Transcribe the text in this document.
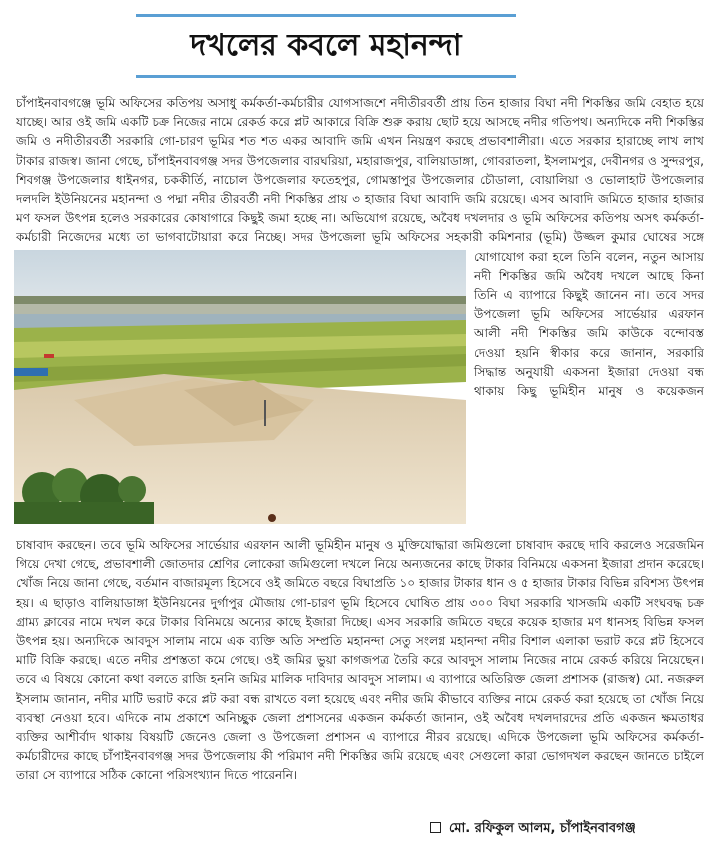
দখলের কবলে মহানন্দা
চাঁপাইনবাবগঞ্জে ভূমি অফিসের কতিপয় অসাধু কর্মকর্তা-কর্মচারীর যোগসাজশে নদীতীরবর্তী প্রায় তিন হাজার বিঘা নদী শিকস্তির জমি বেহাত হয়ে যাচ্ছে। আর ওই জমি একটি চক্র নিজের নামে রেকর্ড করে প্লট আকারে বিক্রি শুরু করায় ছোট হয়ে আসছে নদীর গতিপথ। অন্যদিকে নদী শিকস্তির জমি ও নদীতীরবর্তী সরকারি গো-চারণ ভূমির শত শত একর আবাদি জমি এখন নিয়ন্ত্রণ করছে প্রভাবশালীরা। এতে সরকার হারাচ্ছে লাখ লাখ টাকার রাজস্ব। জানা গেছে, চাঁপাইনবাবগঞ্জ সদর উপজেলার বারঘরিয়া, মহারাজপুর, বালিয়াডাঙ্গা, গোবরাতলা, ইসলামপুর, দেবীনগর ও সুন্দরপুর, শিবগঞ্জ উপজেলার ধাইনগর, চককীর্তি, নাচোল উপজেলার ফতেহপুর, গোমস্তাপুর উপজেলার চৌডালা, বোয়ালিয়া ও ভোলাহাট উপজেলার দলদলি ইউনিয়নের মহানন্দা ও পদ্মা নদীর তীরবর্তী নদী শিকস্তির প্রায় ৩ হাজার বিঘা আবাদি জমি রয়েছে। এসব আবাদি জমিতে হাজার হাজার মণ ফসল উৎপন্ন হলেও সরকারের কোষাগারে কিছুই জমা হচ্ছে না। অভিযোগ রয়েছে, অবৈধ দখলদার ও ভূমি অফিসের কতিপয় অসৎ কর্মকর্তা-কর্মচারী নিজেদের মধ্যে তা ভাগবাটোয়ারা করে নিচ্ছে। সদর উপজেলা ভূমি অফিসের সহকারী কমিশনার (ভূমি) উজ্জল কুমার ঘোষের সঙ্গে যোগাযোগ করা হলে তিনি বলেন, নতুন আসায় নদী শিকস্তির জমি অবৈধ দখলে আছে কিনা তিনি এ ব্যাপারে কিছুই জানেন না। তবে সদর উপজেলা ভূমি অফিসের সার্ভেয়ার এরফান আলী নদী শিকস্তির জমি কাউকে বন্দোবস্ত দেওয়া হয়নি স্বীকার করে জানান, সরকারি সিদ্ধান্ত অনুযায়ী একসনা ইজারা দেওয়া বন্ধ থাকায় কিছু ভূমিহীন মানুষ ও কয়েকজন
চাষাবাদ করছেন। তবে ভূমি অফিসের সার্ভেয়ার এরফান আলী ভূমিহীন মানুষ ও মুক্তিযোদ্ধারা জমিগুলো চাষাবাদ করছে দাবি করলেও সরেজমিন গিয়ে দেখা গেছে, প্রভাবশালী জোতদার শ্রেণির লোকেরা জমিগুলো দখলে নিয়ে অন্যজনের কাছে টাকার বিনিময়ে একসনা ইজারা প্রদান করেছে। খোঁজ নিয়ে জানা গেছে, বর্তমান বাজারমূল্য হিসেবে ওই জমিতে বছরে বিঘাপ্রতি ১০ হাজার টাকার ধান ও ৫ হাজার টাকার বিভিন্ন রবিশস্য উৎপন্ন হয়। এ ছাড়াও বালিয়াডাঙ্গা ইউনিয়নের দুর্গাপুর মৌজায় গো-চারণ ভূমি হিসেবে ঘোষিত প্রায় ৩০০ বিঘা সরকারি খাসজমি একটি সংঘবদ্ধ চক্র গ্রাম্য ক্লাবের নামে দখল করে টাকার বিনিময়ে অন্যের কাছে ইজারা দিচ্ছে। এসব সরকারি জমিতে বছরে কয়েক হাজার মণ ধানসহ বিভিন্ন ফসল উৎপন্ন হয়। অন্যদিকে আবদুস সালাম নামে এক ব্যক্তি অতি সম্প্রতি মহানন্দা সেতু সংলগ্ন মহানন্দা নদীর বিশাল এলাকা ভরাট করে প্লট হিসেবে মাটি বিক্রি করছে। এতে নদীর প্রশস্ততা কমে গেছে। ওই জমির ভুয়া কাগজপত্র তৈরি করে আবদুস সালাম নিজের নামে রেকর্ড করিয়ে নিয়েছেন। তবে এ বিষয়ে কোনো কথা বলতে রাজি হননি জমির মালিক দাবিদার আবদুস সালাম। এ ব্যাপারে অতিরিক্ত জেলা প্রশাসক (রাজস্ব) মো. নজরুল ইসলাম জানান, নদীর মাটি ভরাট করে প্লট করা বন্ধ রাখতে বলা হয়েছে এবং নদীর জমি কীভাবে ব্যক্তির নামে রেকর্ড করা হয়েছে তা খোঁজ নিয়ে ব্যবস্থা নেওয়া হবে। এদিকে নাম প্রকাশে অনিচ্ছুক জেলা প্রশাসনের একজন কর্মকর্তা জানান, ওই অবৈধ দখলদারদের প্রতি একজন ক্ষমতাধর ব্যক্তির আশীর্বাদ থাকায় বিষয়টি জেনেও জেলা ও উপজেলা প্রশাসন এ ব্যাপারে নীরব রয়েছে। এদিকে উপজেলা ভূমি অফিসের কর্মকর্তা-কর্মচারীদের কাছে চাঁপাইনবাবগঞ্জ সদর উপজেলায় কী পরিমাণ নদী শিকস্তির জমি রয়েছে এবং সেগুলো কারা ভোগদখল করছেন জানতে চাইলে তারা সে ব্যাপারে সঠিক কোনো পরিসংখ্যান দিতে পারেননি।
মো. রফিকুল আলম, চাঁপাইনবাবগঞ্জ
